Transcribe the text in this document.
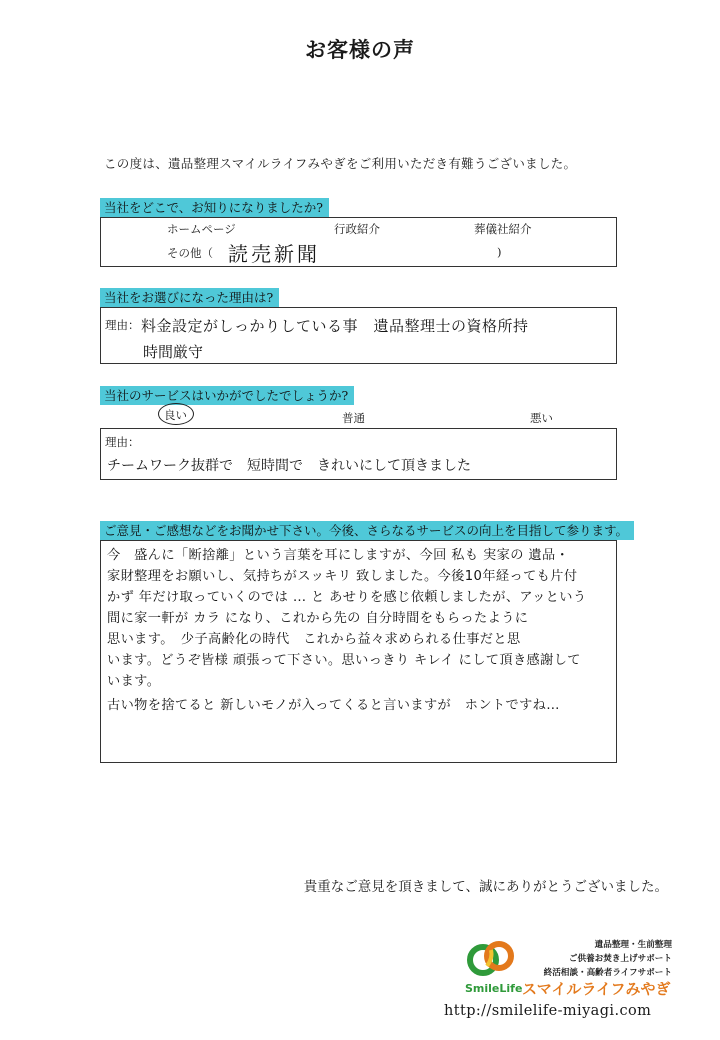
お客様の声
この度は、遺品整理スマイルライフみやぎをご利用いただき有難うございました。
当社をどこで、お知りになりましたか?
ホームページ	行政紹介	葬儀社紹介
その他（ 読売新聞	)
当社をお選びになった理由は?
理由： 料金設定がしっかりしている事　遺品整理士の資格所持
時間厳守
当社のサービスはいかがでしたでしょうか?
良い	普通	悪い
理由：
チームワーク抜群で　短時間で　きれいにして頂きました
ご意見・ご感想などをお聞かせ下さい。今後、さらなるサービスの向上を目指して参ります。
今　盛んに「断捨離」という言葉を耳にしますが、今回 私も 実家の 遺品・
家財整理をお願いし、気持ちがスッキリ 致しました。今後10年経っても片付
かず 年だけ取っていくのでは … と あせりを感じ依頼しましたが、アッという
間に家一軒が カラ になり、これから先の 自分時間をもらったように
思います。　少子高齢化の時代　これから益々求められる仕事だと思
います。どうぞ皆様 頑張って下さい。思いっきり キレイ にして頂き感謝して
います。
古い物を捨てると 新しいモノが入ってくると言いますが　ホントですね…
貴重なご意見を頂きまして、誠にありがとうございました。
遺品整理・生前整理
ご供養お焚き上げサポート
終活相談・高齢者ライフサポート
SmileLife スマイルライフみやぎ
http://smilelife-miyagi.com
